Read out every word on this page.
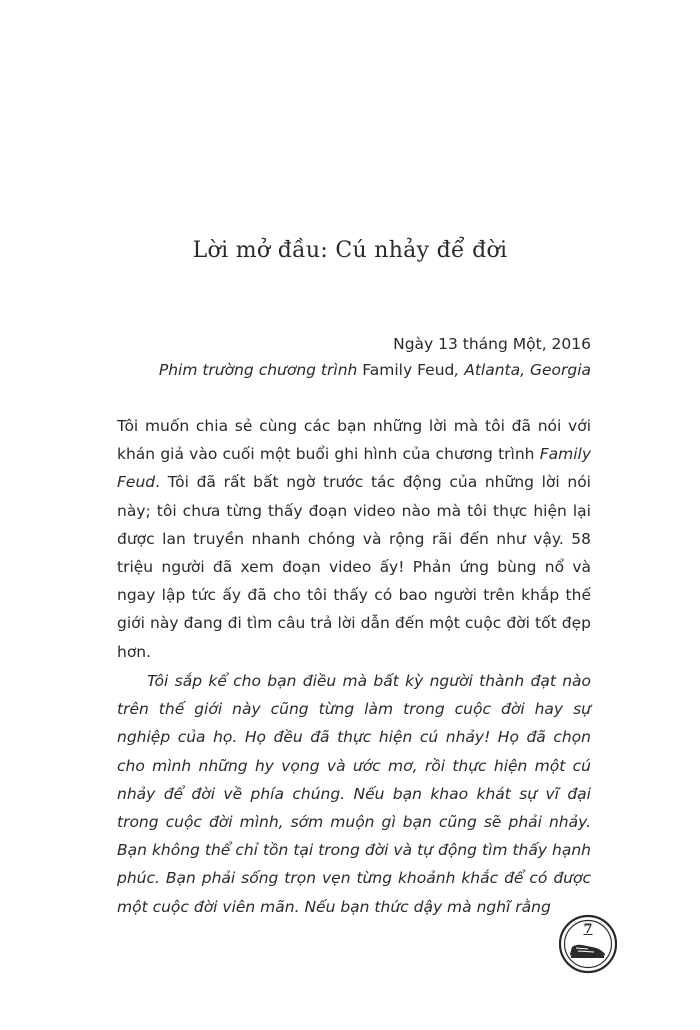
Lời mở đầu: Cú nhảy để đời
Ngày 13 tháng Một, 2016
Phim trường chương trình Family Feud, Atlanta, Georgia

Tôi muốn chia sẻ cùng các bạn những lời mà tôi đã nói với khán giả vào cuối một buổi ghi hình của chương trình Family Feud. Tôi đã rất bất ngờ trước tác động của những lời nói này; tôi chưa từng thấy đoạn video nào mà tôi thực hiện lại được lan truyền nhanh chóng và rộng rãi đến như vậy. 58 triệu người đã xem đoạn video ấy! Phản ứng bùng nổ và ngay lập tức ấy đã cho tôi thấy có bao người trên khắp thế giới này đang đi tìm câu trả lời dẫn đến một cuộc đời tốt đẹp hơn.

Tôi sắp kể cho bạn điều mà bất kỳ người thành đạt nào trên thế giới này cũng từng làm trong cuộc đời hay sự nghiệp của họ. Họ đều đã thực hiện cú nhảy! Họ đã chọn cho mình những hy vọng và ước mơ, rồi thực hiện một cú nhảy để đời về phía chúng. Nếu bạn khao khát sự vĩ đại trong cuộc đời mình, sớm muộn gì bạn cũng sẽ phải nhảy. Bạn không thể chỉ tồn tại trong đời và tự động tìm thấy hạnh phúc. Bạn phải sống trọn vẹn từng khoảnh khắc để có được một cuộc đời viên mãn. Nếu bạn thức dậy mà nghĩ rằng

7
